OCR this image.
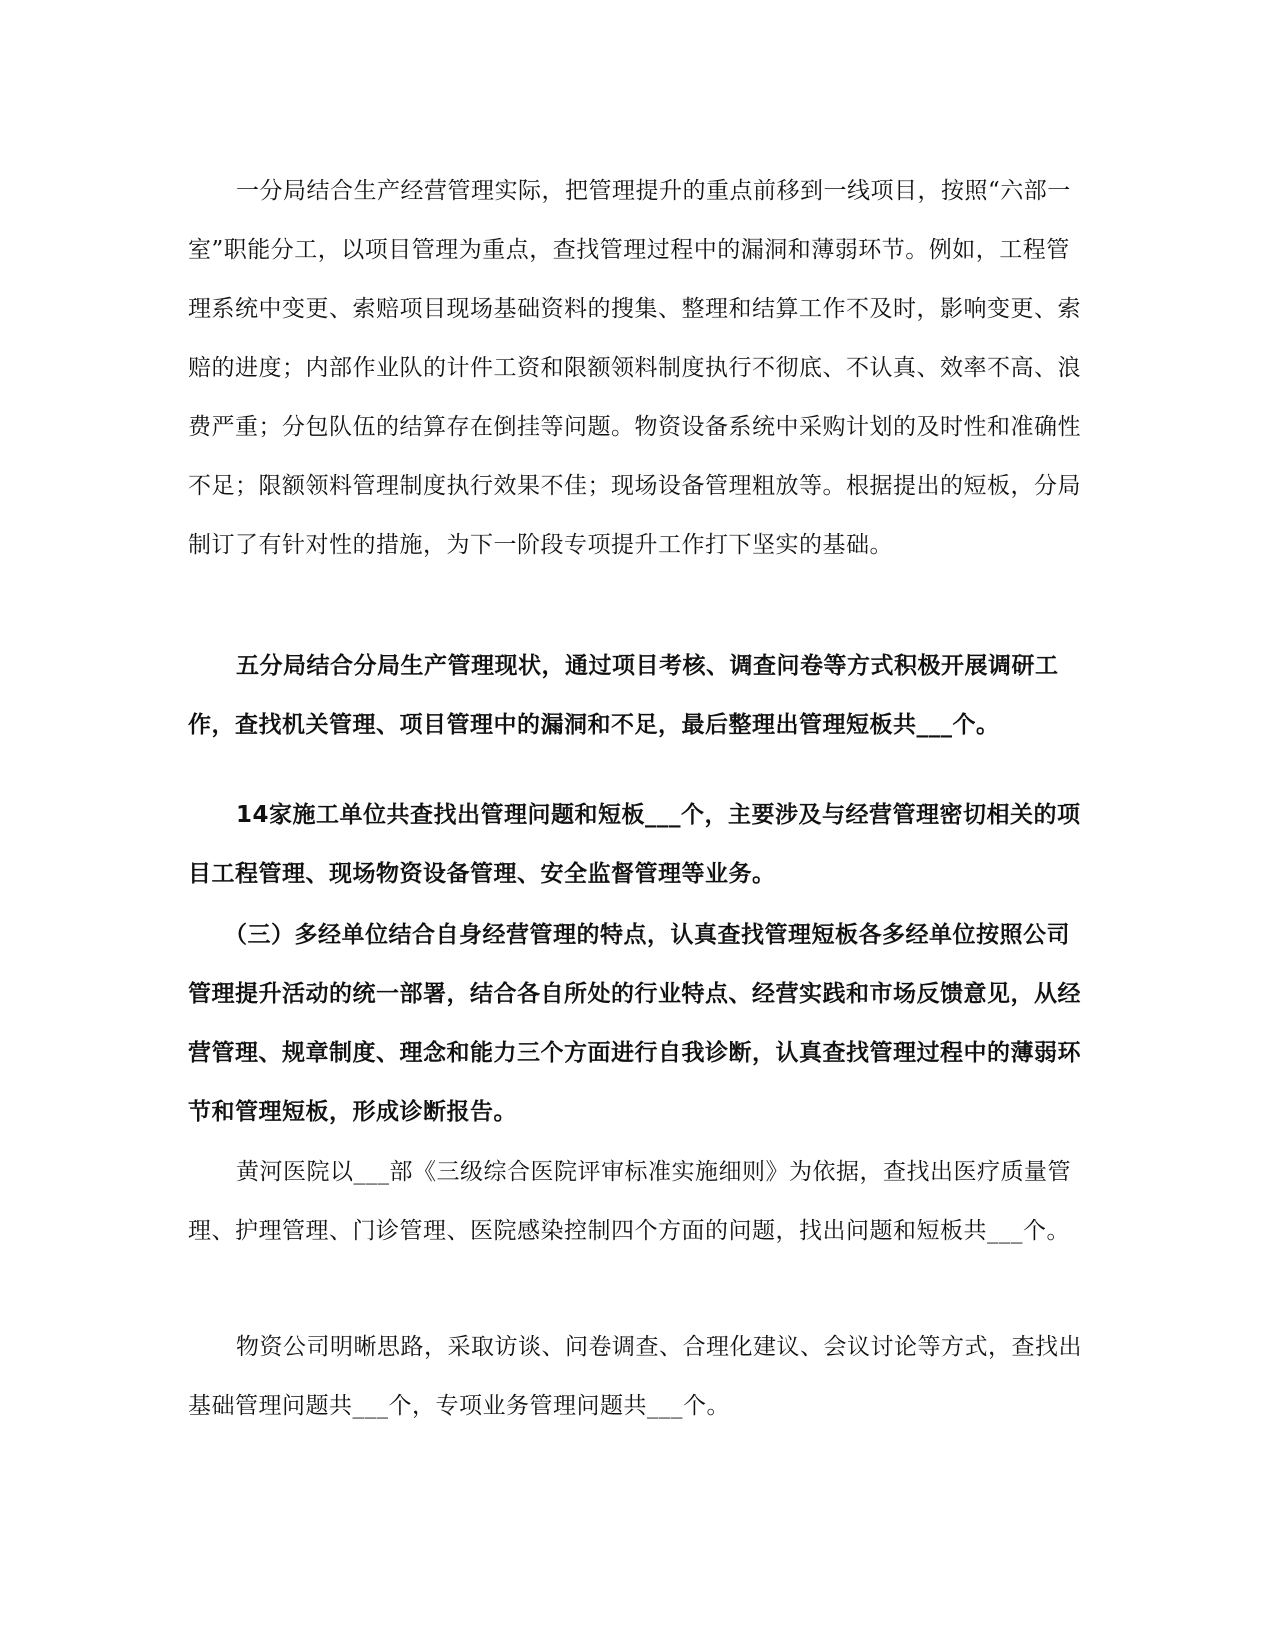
一分局结合生产经营管理实际，把管理提升的重点前移到一线项目，按照“六部一室”职能分工，以项目管理为重点，查找管理过程中的漏洞和薄弱环节。例如，工程管理系统中变更、索赔项目现场基础资料的搜集、整理和结算工作不及时，影响变更、索赔的进度；内部作业队的计件工资和限额领料制度执行不彻底、不认真、效率不高、浪费严重；分包队伍的结算存在倒挂等问题。物资设备系统中采购计划的及时性和准确性不足；限额领料管理制度执行效果不佳；现场设备管理粗放等。根据提出的短板，分局制订了有针对性的措施，为下一阶段专项提升工作打下坚实的基础。

五分局结合分局生产管理现状，通过项目考核、调查问卷等方式积极开展调研工作，查找机关管理、项目管理中的漏洞和不足，最后整理出管理短板共___个。

14家施工单位共查找出管理问题和短板___个，主要涉及与经营管理密切相关的项目工程管理、现场物资设备管理、安全监督管理等业务。

（三）多经单位结合自身经营管理的特点，认真查找管理短板各多经单位按照公司管理提升活动的统一部署，结合各自所处的行业特点、经营实践和市场反馈意见，从经营管理、规章制度、理念和能力三个方面进行自我诊断，认真查找管理过程中的薄弱环节和管理短板，形成诊断报告。

黄河医院以___部《三级综合医院评审标准实施细则》为依据，查找出医疗质量管理、护理管理、门诊管理、医院感染控制四个方面的问题，找出问题和短板共___个。

物资公司明晰思路，采取访谈、问卷调查、合理化建议、会议讨论等方式，查找出基础管理问题共___个，专项业务管理问题共___个。
